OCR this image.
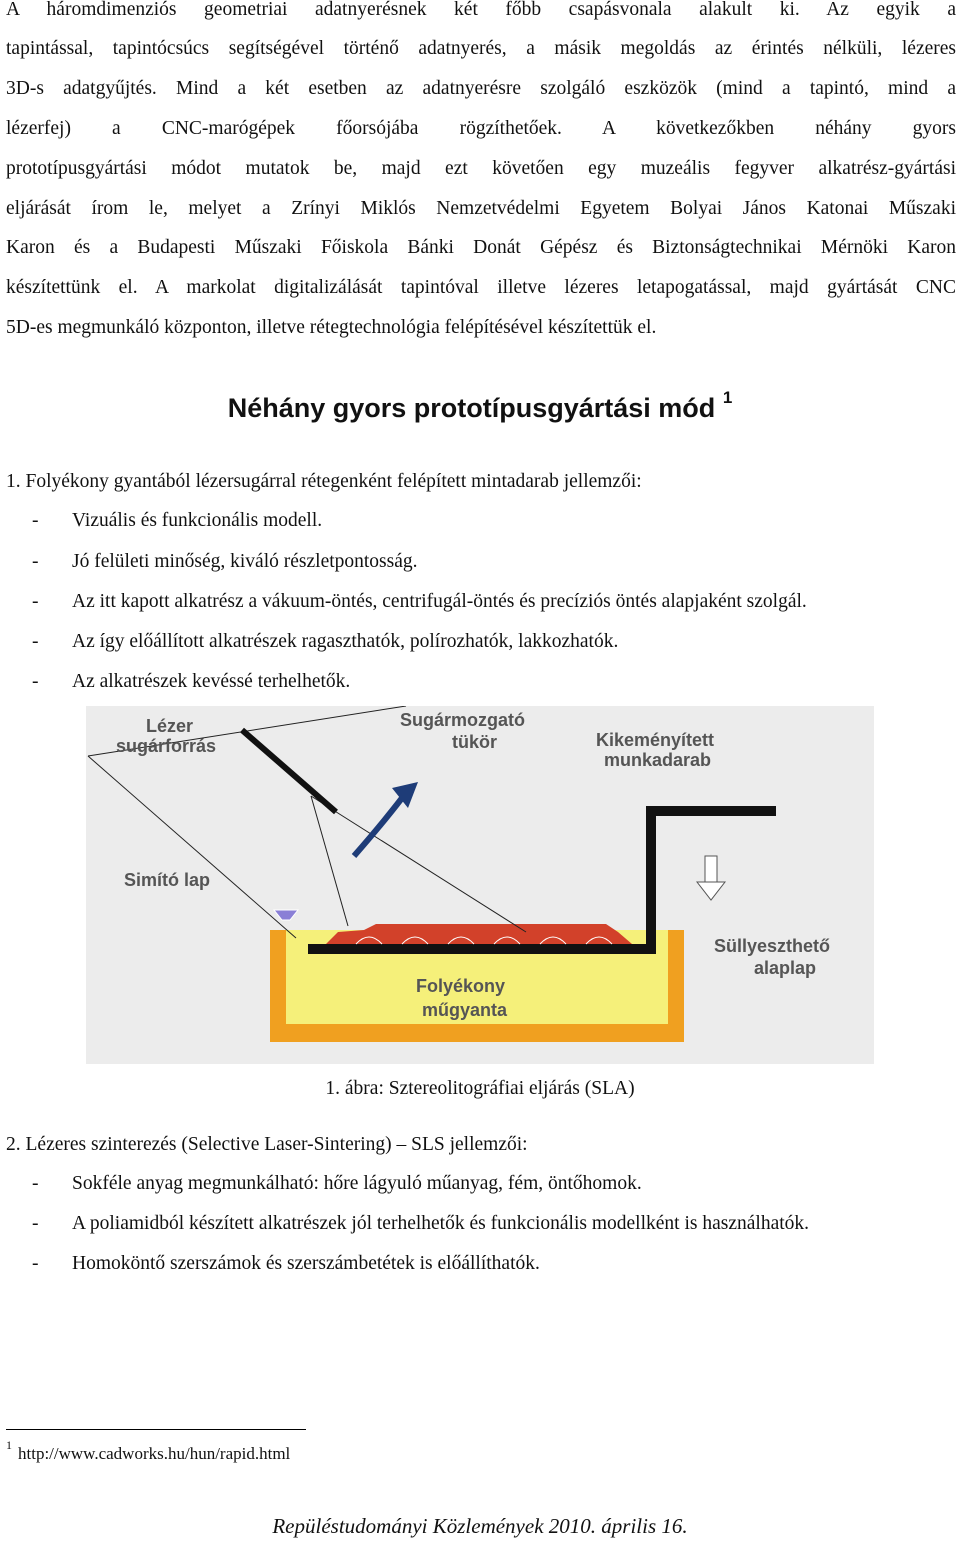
A háromdimenziós geometriai adatnyerésnek két főbb csapásvonala alakult ki. Az egyik a
tapintással, tapintócsúcs segítségével történő adatnyerés, a másik megoldás az érintés nélküli, lézeres
3D-s adatgyűjtés. Mind a két esetben az adatnyerésre szolgáló eszközök (mind a tapintó, mind a
lézerfej) a CNC-marógépek főorsójába rögzíthetőek. A következőkben néhány gyors
prototípusgyártási módot mutatok be, majd ezt követően egy muzeális fegyver alkatrész-gyártási
eljárását írom le, melyet a Zrínyi Miklós Nemzetvédelmi Egyetem Bolyai János Katonai Műszaki
Karon és a Budapesti Műszaki Főiskola Bánki Donát Gépész és Biztonságtechnikai Mérnöki Karon
készítettünk el. A markolat digitalizálását tapintóval illetve lézeres letapogatással, majd gyártását CNC
5D-es megmunkáló központon, illetve rétegtechnológia felépítésével készítettük el.
Néhány gyors prototípusgyártási mód $^1$
1. Folyékony gyantából lézersugárral rétegenként felépített mintadarab jellemzői:
- Vizuális és funkcionális modell.
- Jó felületi minőség, kiváló részletpontosság.
- Az itt kapott alkatrész a vákuum-öntés, centrifugál-öntés és precíziós öntés alapjaként szolgál.
- Az így előállított alkatrészek ragaszthatók, polírozhatók, lakkozhatók.
- Az alkatrészek kevéssé terhelhetők.
Lézer
sugárforrás
Sugármozgató
tükör	Kikeményített
munkadarab
Simító lap
Süllyeszthető
alaplap
Folyékony
műgyanta
1. ábra: Sztereolitográfiai eljárás (SLA)
2. Lézeres szinterezés (Selective Laser-Sintering) – SLS jellemzői:
- Sokféle anyag megmunkálható: hőre lágyuló műanyag, fém, öntőhomok.
- A poliamidból készített alkatrészek jól terhelhetők és funkcionális modellként is használhatók.
- Homoköntő szerszámok és szerszámbetétek is előállíthatók.
1 http://www.cadworks.hu/hun/rapid.html
Repüléstudományi Közlemények 2010. április 16.
